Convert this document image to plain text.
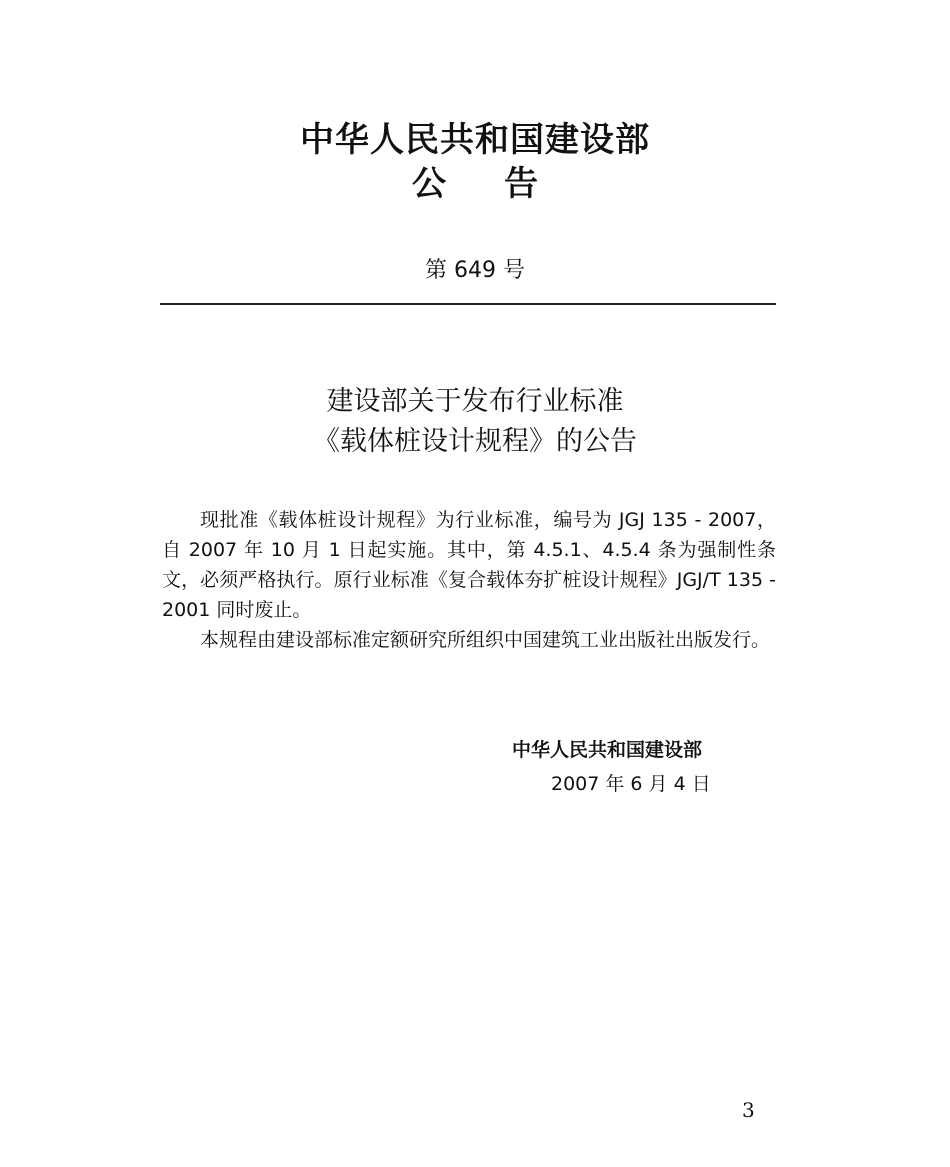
中华人民共和国建设部
公告
第 649 号
建设部关于发布行业标准
《载体桩设计规程》的公告

现批准《载体桩设计规程》为行业标准，编号为 JGJ 135 - 2007，自 2007 年 10 月 1 日起实施。其中，第 4.5.1、4.5.4 条为强制性条文，必须严格执行。原行业标准《复合载体夯扩桩设计规程》JGJ/T 135 - 2001 同时废止。

本规程由建设部标准定额研究所组织中国建筑工业出版社出版发行。

中华人民共和国建设部
2007 年 6 月 4 日
3
